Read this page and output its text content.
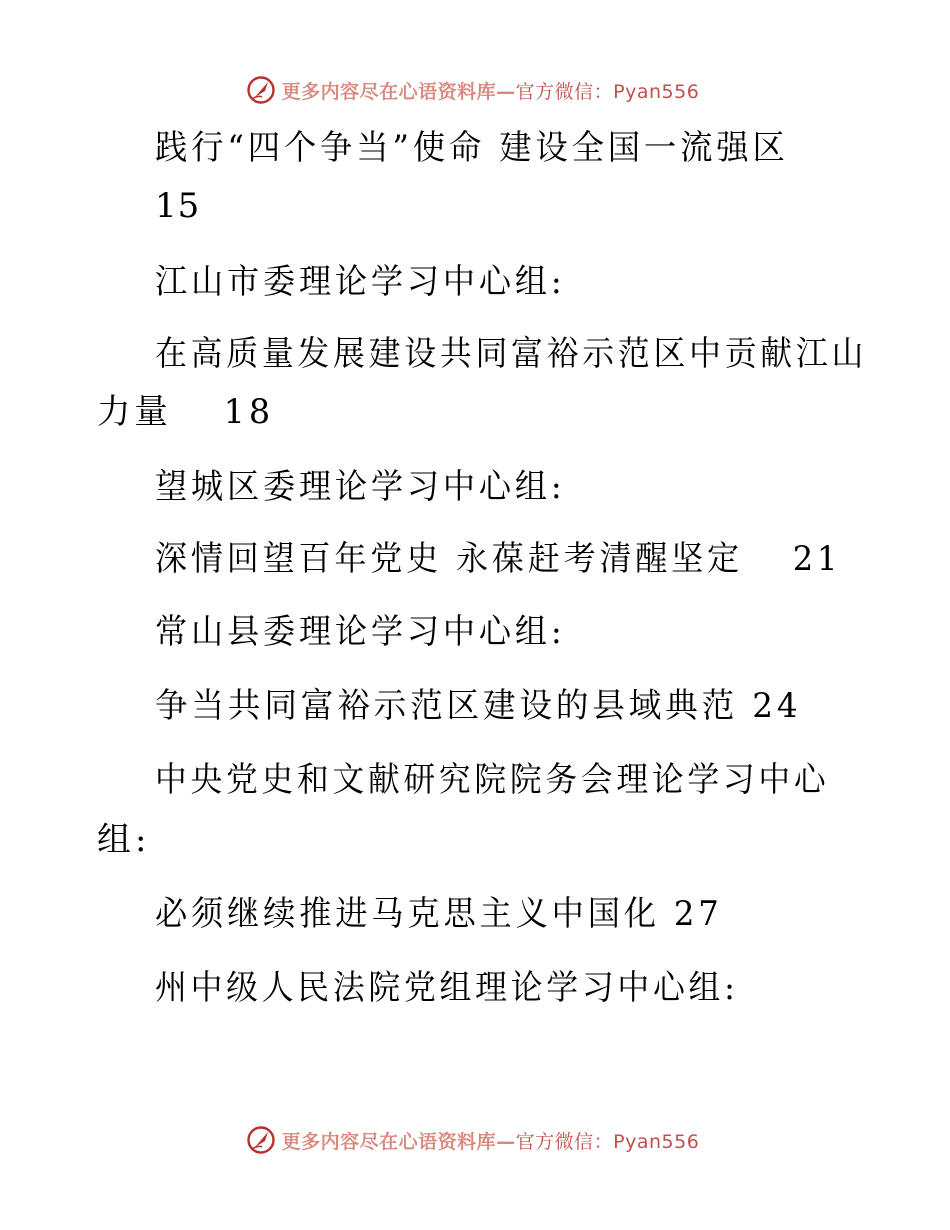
更多内容尽在心语资料库—官方微信：Pyan556
践行“四个争当”使命 建设全国一流强区
15
江山市委理论学习中心组:
在高质量发展建设共同富裕示范区中贡献江山
力量　 18
望城区委理论学习中心组:
深情回望百年党史 永葆赶考清醒坚定　 21
常山县委理论学习中心组:
争当共同富裕示范区建设的县域典范 24
中央党史和文献研究院院务会理论学习中心
组:
必须继续推进马克思主义中国化 27
州中级人民法院党组理论学习中心组:
更多内容尽在心语资料库—官方微信：Pyan556
